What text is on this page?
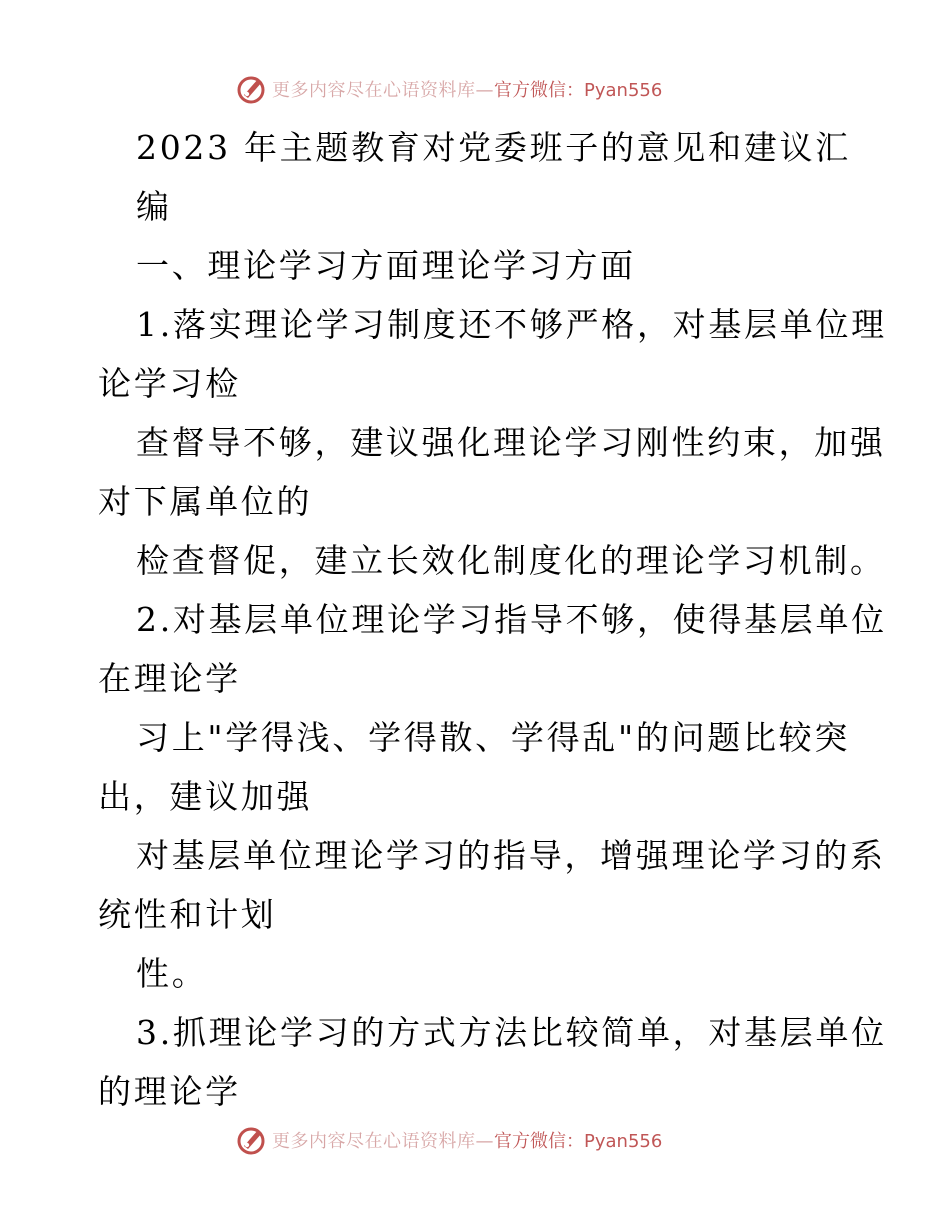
更多内容尽在心语资料库— 官方微信：Pyan556
2023 年主题教育对党委班子的意见和建议汇
编
一、理论学习方面理论学习方面
1.落实理论学习制度还不够严格，对基层单位理
论学习检
查督导不够，建议强化理论学习刚性约束，加强
对下属单位的
检查督促，建立长效化制度化的理论学习机制。
2.对基层单位理论学习指导不够，使得基层单位
在理论学
习上"学得浅、学得散、学得乱"的问题比较突
出，建议加强
对基层单位理论学习的指导，增强理论学习的系
统性和计划
性。
3.抓理论学习的方式方法比较简单，对基层单位
的理论学
更多内容尽在心语资料库— 官方微信：Pyan556
